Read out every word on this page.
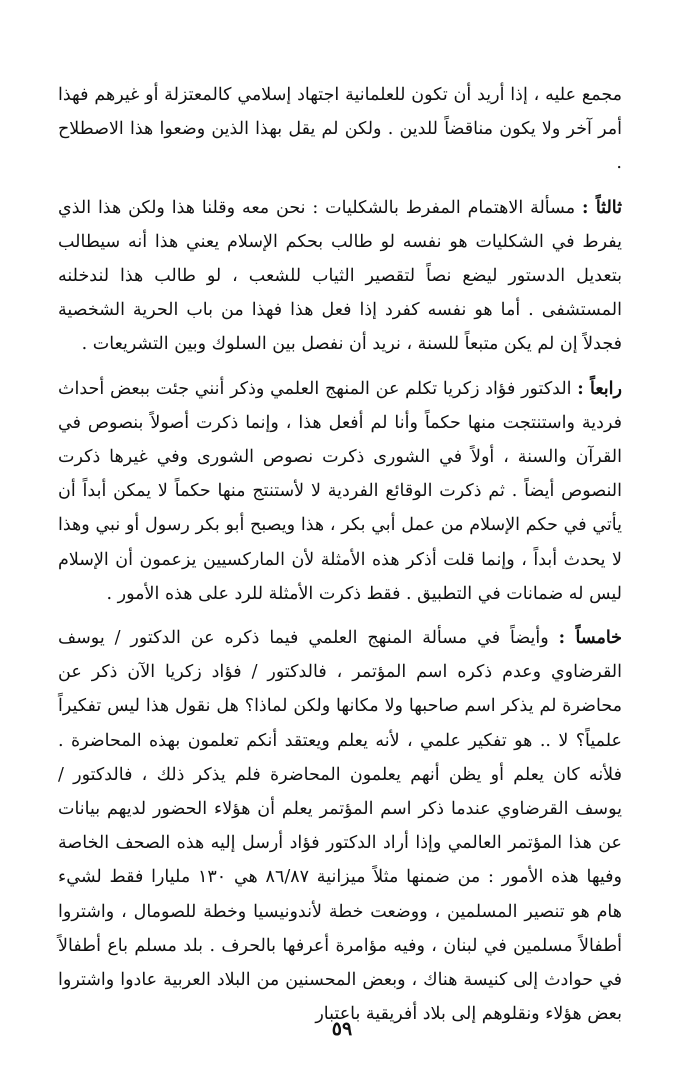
مجمع عليه ، إذا أريد أن تكون للعلمانية اجتهاد إسلامي كالمعتزلة أو غيرهم فهذا أمر آخر ولا يكون مناقضاً للدين . ولكن لم يقل بهذا الذين وضعوا هذا الاصطلاح .

ثالثاً : مسألة الاهتمام المفرط بالشكليات : نحن معه وقلنا هذا ولكن هذا الذي يفرط في الشكليات هو نفسه لو طالب بحكم الإسلام يعني هذا أنه سيطالب بتعديل الدستور ليضع نصاً لتقصير الثياب للشعب ، لو طالب هذا لندخلنه المستشفى . أما هو نفسه كفرد إذا فعل هذا فهذا من باب الحرية الشخصية فجدلاً إن لم يكن متبعاً للسنة ، نريد أن نفصل بين السلوك وبين التشريعات .

رابعاً : الدكتور فؤاد زكريا تكلم عن المنهج العلمي وذكر أنني جئت ببعض أحداث فردية واستنتجت منها حكماً وأنا لم أفعل هذا ، وإنما ذكرت أصولاً بنصوص في القرآن والسنة ، أولاً في الشورى ذكرت نصوص الشورى وفي غيرها ذكرت النصوص أيضاً . ثم ذكرت الوقائع الفردية لا لأستنتج منها حكماً لا يمكن أبداً أن يأتي في حكم الإسلام من عمل أبي بكر ، هذا ويصبح أبو بكر رسول أو نبي وهذا لا يحدث أبداً ، وإنما قلت أذكر هذه الأمثلة لأن الماركسيين يزعمون أن الإسلام ليس له ضمانات في التطبيق . فقط ذكرت الأمثلة للرد على هذه الأمور .

خامساً : وأيضاً في مسألة المنهج العلمي فيما ذكره عن الدكتور / يوسف القرضاوي وعدم ذكره اسم المؤتمر ، فالدكتور / فؤاد زكريا الآن ذكر عن محاضرة لم يذكر اسم صاحبها ولا مكانها ولكن لماذا؟ هل نقول هذا ليس تفكيراً علمياً؟ لا .. هو تفكير علمي ، لأنه يعلم ويعتقد أنكم تعلمون بهذه المحاضرة . فلأنه كان يعلم أو يظن أنهم يعلمون المحاضرة فلم يذكر ذلك ، فالدكتور / يوسف القرضاوي عندما ذكر اسم المؤتمر يعلم أن هؤلاء الحضور لديهم بيانات عن هذا المؤتمر العالمي وإذا أراد الدكتور فؤاد أرسل إليه هذه الصحف الخاصة وفيها هذه الأمور : من ضمنها مثلاً ميزانية ٨٦/٨٧ هي ١٣٠ مليارا فقط لشيء هام هو تنصير المسلمين ، ووضعت خطة لأندونيسيا وخطة للصومال ، واشتروا أطفالاً مسلمين في لبنان ، وفيه مؤامرة أعرفها بالحرف . بلد مسلم باع أطفالاً في حوادث إلى كنيسة هناك ، وبعض المحسنين من البلاد العربية عادوا واشتروا بعض هؤلاء ونقلوهم إلى بلاد أفريقية باعتبار

٥٩
